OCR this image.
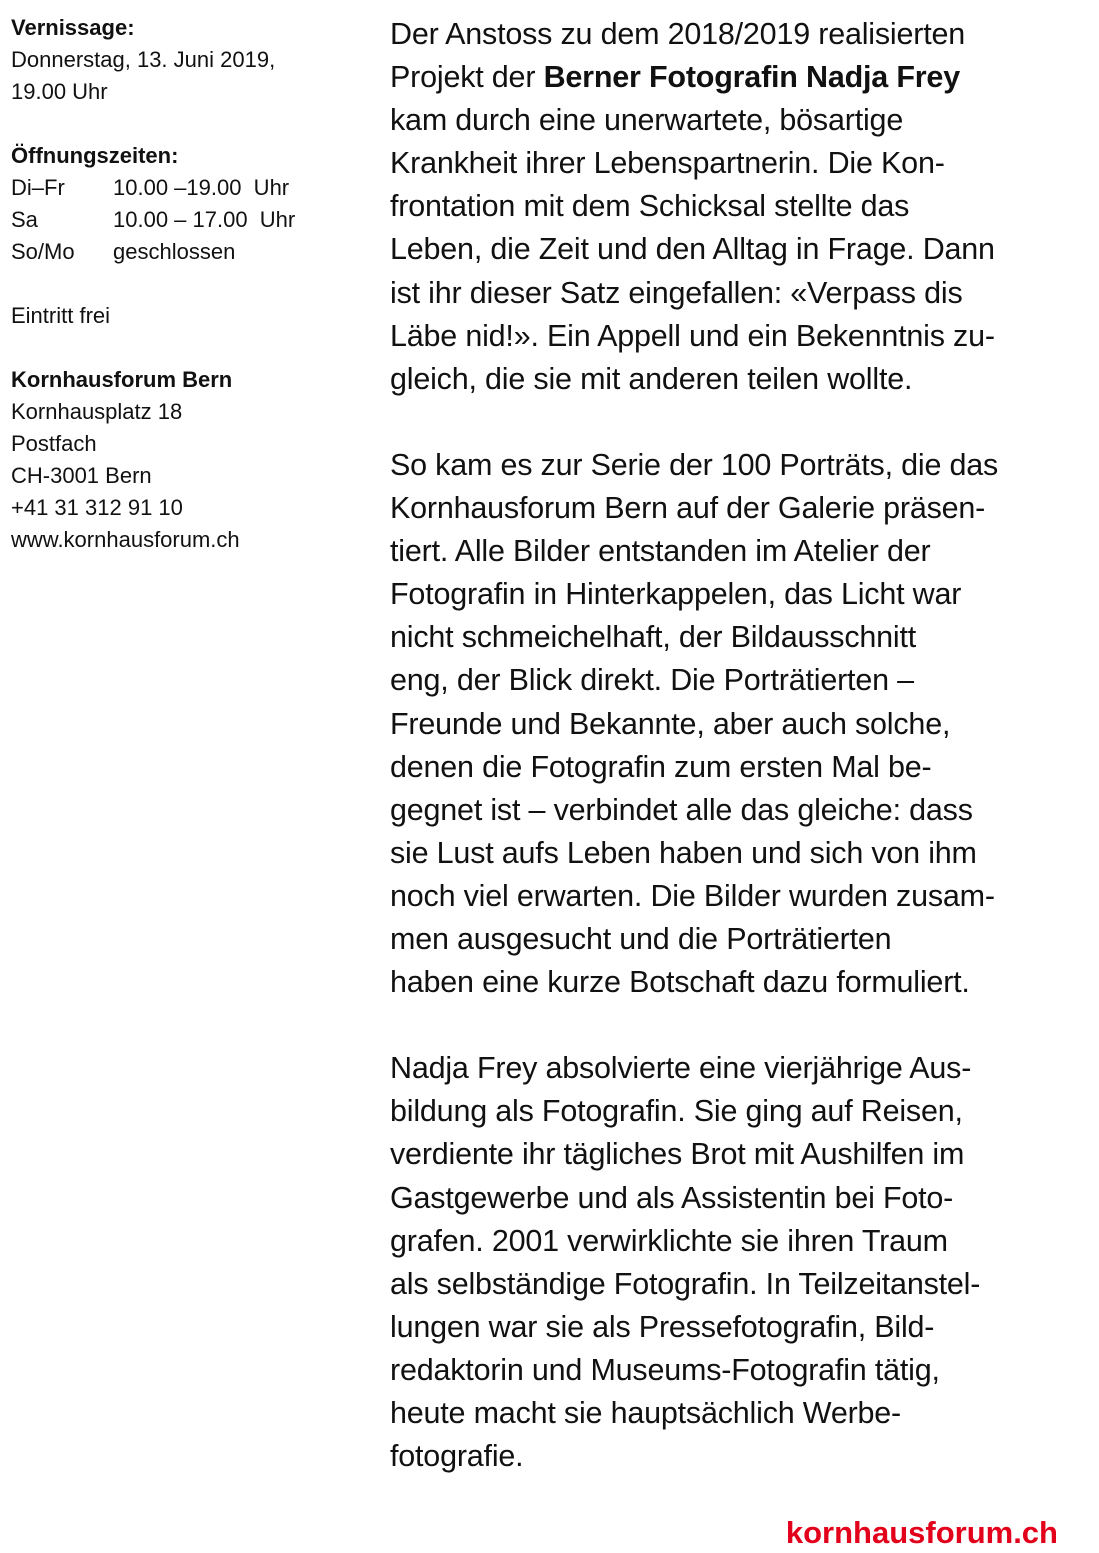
Vernissage:
Donnerstag, 13. Juni 2019,
19.00 Uhr
Öffnungszeiten:
Di–Fr	10.00 –19.00  Uhr
Sa	10.00 – 17.00  Uhr
So/Mo	geschlossen
Eintritt frei
Kornhausforum Bern
Kornhausplatz 18
Postfach
CH-3001 Bern
+41 31 312 91 10
www.kornhausforum.ch
Der Anstoss zu dem 2018/2019 realisierten
Projekt der Berner Fotografin Nadja Frey
kam durch eine unerwartete, bösartige
Krankheit ihrer Lebenspartnerin. Die Kon-
frontation mit dem Schicksal stellte das
Leben, die Zeit und den Alltag in Frage. Dann
ist ihr dieser Satz eingefallen: «Verpass dis
Läbe nid!». Ein Appell und ein Bekenntnis zu-
gleich, die sie mit anderen teilen wollte.
So kam es zur Serie der 100 Porträts, die das
Kornhausforum Bern auf der Galerie präsen-
tiert. Alle Bilder entstanden im Atelier der
Fotografin in Hinterkappelen, das Licht war
nicht schmeichelhaft, der Bildausschnitt
eng, der Blick direkt. Die Porträtierten –
Freunde und Bekannte, aber auch solche,
denen die Fotografin zum ersten Mal be-
gegnet ist – verbindet alle das gleiche: dass
sie Lust aufs Leben haben und sich von ihm
noch viel erwarten. Die Bilder wurden zusam-
men ausgesucht und die Porträtierten
haben eine kurze Botschaft dazu formuliert.
Nadja Frey absolvierte eine vierjährige Aus-
bildung als Fotografin. Sie ging auf Reisen,
verdiente ihr tägliches Brot mit Aushilfen im
Gastgewerbe und als Assistentin bei Foto-
grafen. 2001 verwirklichte sie ihren Traum
als selbständige Fotografin. In Teilzeitanstel-
lungen war sie als Pressefotografin, Bild-
redaktorin und Museums-Fotografin tätig,
heute macht sie hauptsächlich Werbe-
fotografie.
kornhausforum.ch
